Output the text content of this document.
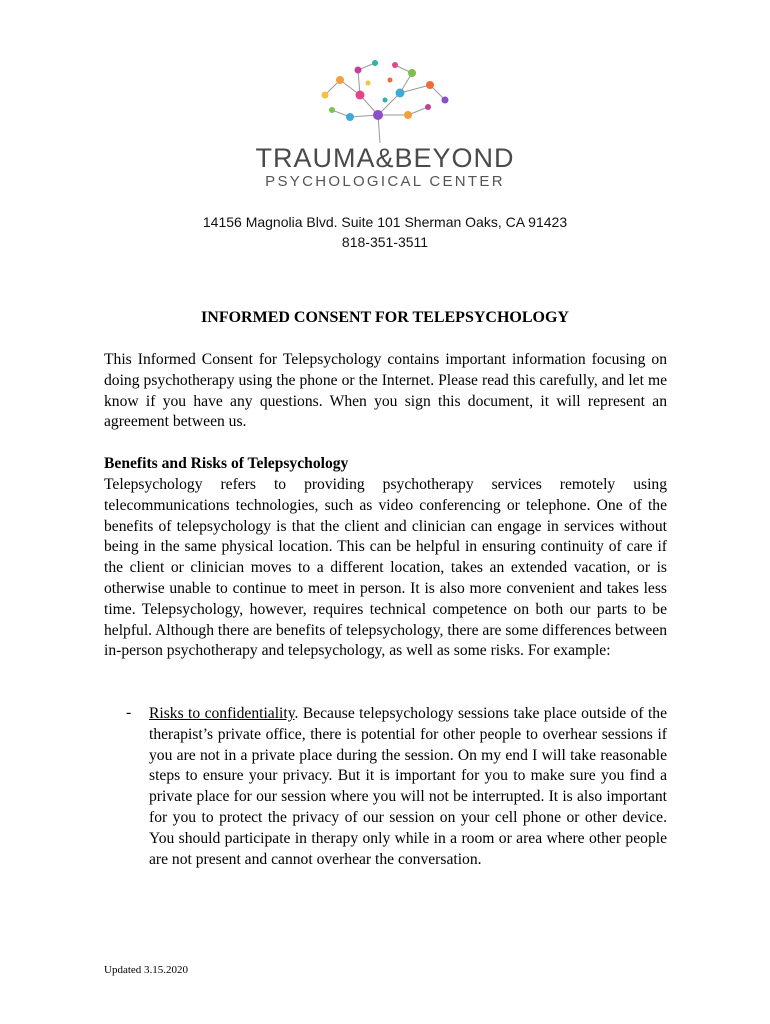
TRAUMA&BEYOND
PSYCHOLOGICAL CENTER
14156 Magnolia Blvd. Suite 101 Sherman Oaks, CA 91423
818-351-3511
INFORMED CONSENT FOR TELEPSYCHOLOGY
This Informed Consent for Telepsychology contains important information focusing on doing psychotherapy using the phone or the Internet. Please read this carefully, and let me know if you have any questions. When you sign this document, it will represent an agreement between us.
Benefits and Risks of Telepsychology
Telepsychology refers to providing psychotherapy services remotely using telecommunications technologies, such as video conferencing or telephone. One of the benefits of telepsychology is that the client and clinician can engage in services without being in the same physical location. This can be helpful in ensuring continuity of care if the client or clinician moves to a different location, takes an extended vacation, or is otherwise unable to continue to meet in person. It is also more convenient and takes less time. Telepsychology, however, requires technical competence on both our parts to be helpful. Although there are benefits of telepsychology, there are some differences between in-person psychotherapy and telepsychology, as well as some risks. For example:
- Risks to confidentiality. Because telepsychology sessions take place outside of the therapist’s private office, there is potential for other people to overhear sessions if you are not in a private place during the session. On my end I will take reasonable steps to ensure your privacy. But it is important for you to make sure you find a private place for our session where you will not be interrupted. It is also important for you to protect the privacy of our session on your cell phone or other device. You should participate in therapy only while in a room or area where other people are not present and cannot overhear the conversation.
Updated 3.15.2020
